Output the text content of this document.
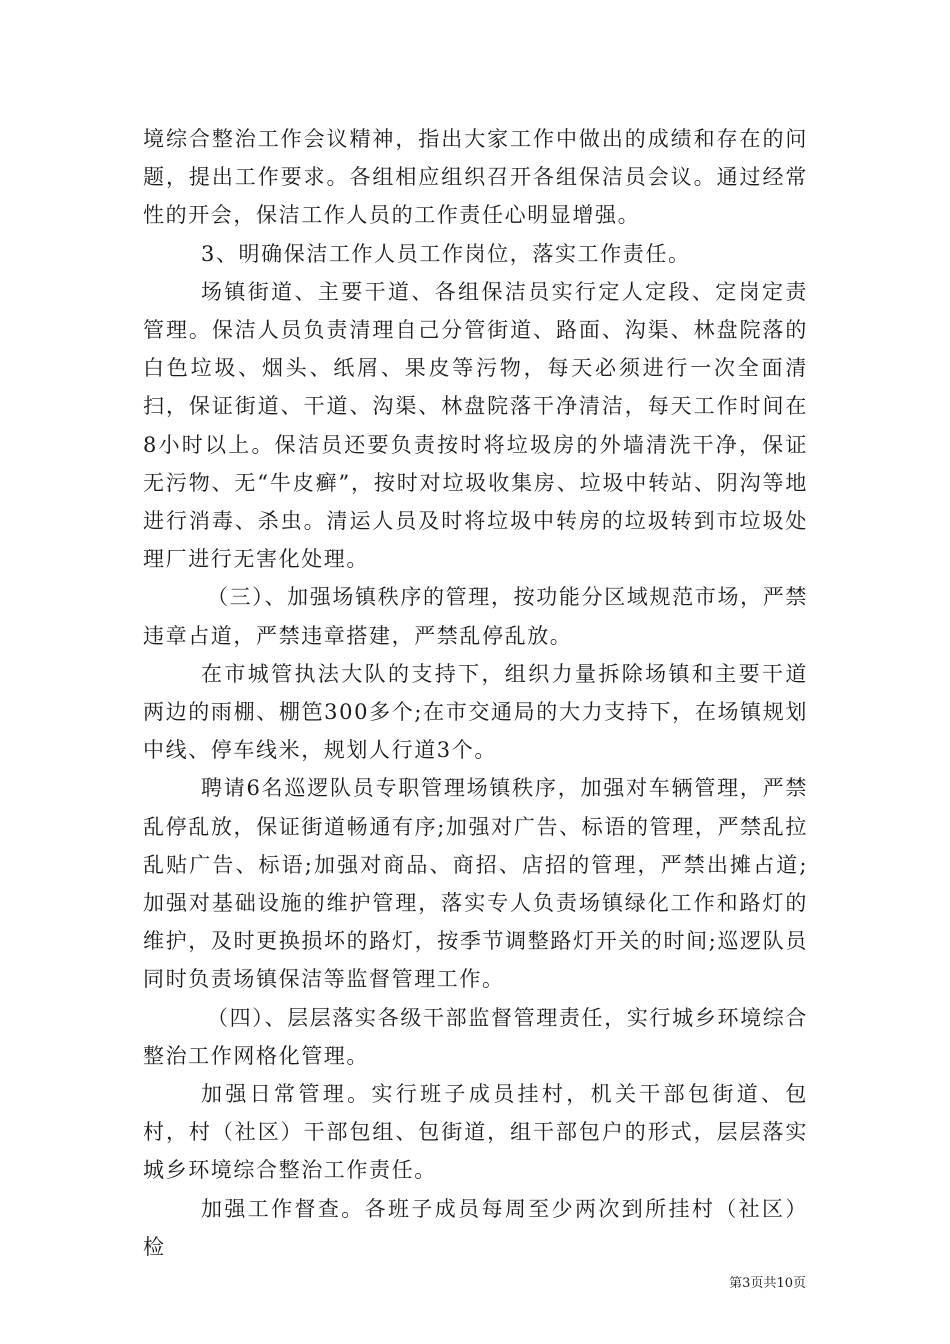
境综合整治工作会议精神，指出大家工作中做出的成绩和存在的问题，提出工作要求。各组相应组织召开各组保洁员会议。通过经常性的开会，保洁工作人员的工作责任心明显增强。

3、明确保洁工作人员工作岗位，落实工作责任。

场镇街道、主要干道、各组保洁员实行定人定段、定岗定责管理。保洁人员负责清理自己分管街道、路面、沟渠、林盘院落的白色垃圾、烟头、纸屑、果皮等污物，每天必须进行一次全面清扫，保证街道、干道、沟渠、林盘院落干净清洁，每天工作时间在8小时以上。保洁员还要负责按时将垃圾房的外墙清洗干净，保证无污物、无“牛皮癣”，按时对垃圾收集房、垃圾中转站、阴沟等地进行消毒、杀虫。清运人员及时将垃圾中转房的垃圾转到市垃圾处理厂进行无害化处理。

（三）、加强场镇秩序的管理，按功能分区域规范市场，严禁违章占道，严禁违章搭建，严禁乱停乱放。

在市城管执法大队的支持下，组织力量拆除场镇和主要干道两边的雨棚、棚笆300多个;在市交通局的大力支持下，在场镇规划中线、停车线米，规划人行道3个。

聘请6名巡逻队员专职管理场镇秩序，加强对车辆管理，严禁乱停乱放，保证街道畅通有序;加强对广告、标语的管理，严禁乱拉乱贴广告、标语;加强对商品、商招、店招的管理，严禁出摊占道;加强对基础设施的维护管理，落实专人负责场镇绿化工作和路灯的维护，及时更换损坏的路灯，按季节调整路灯开关的时间;巡逻队员同时负责场镇保洁等监督管理工作。

（四）、层层落实各级干部监督管理责任，实行城乡环境综合整治工作网格化管理。

加强日常管理。实行班子成员挂村，机关干部包街道、包村，村（社区）干部包组、包街道，组干部包户的形式，层层落实城乡环境综合整治工作责任。

加强工作督查。各班子成员每周至少两次到所挂村（社区）检

第3页共10页
